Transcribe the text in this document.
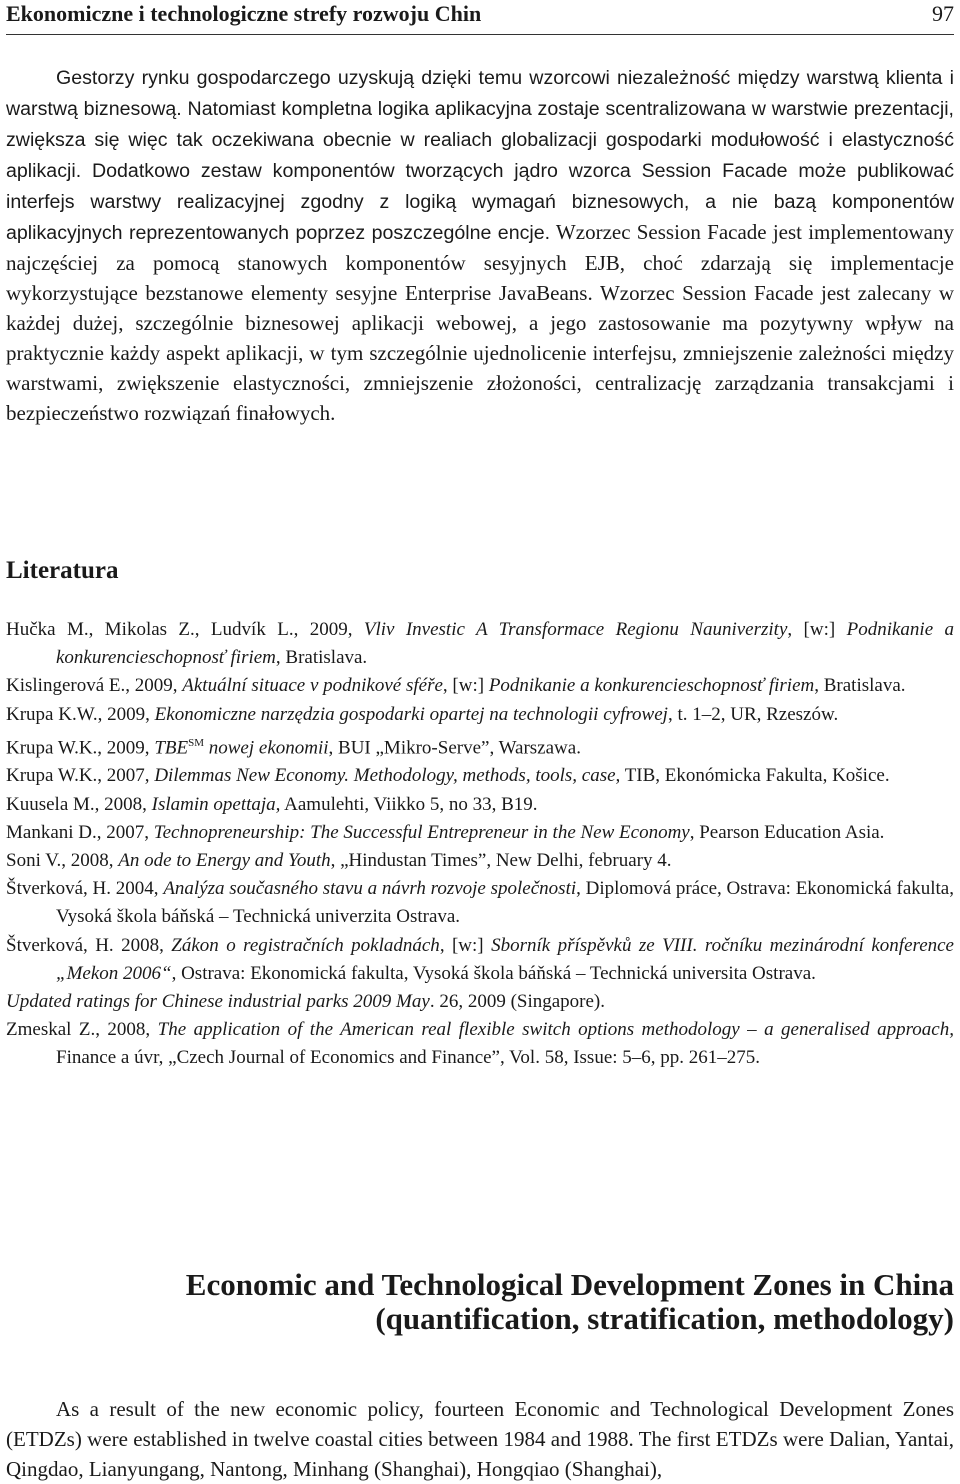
Ekonomiczne i technologiczne strefy rozwoju Chin	97

Gestorzy rynku gospodarczego uzyskują dzięki temu wzorcowi niezależność między warstwą klienta i warstwą biznesową. Natomiast kompletna logika aplikacyjna zostaje scentralizowana w warstwie prezentacji, zwiększa się więc tak oczekiwana obecnie w realiach globalizacji gospodarki modułowość i elastyczność aplikacji. Dodatkowo zestaw komponentów tworzących jądro wzorca Session Facade może publikować interfejs warstwy realizacyjnej zgodny z logiką wymagań biznesowych, a nie bazą komponentów aplikacyjnych reprezentowanych poprzez poszczególne encje. Wzorzec Session Facade jest implementowany najczęściej za pomocą stanowych komponentów sesyjnych EJB, choć zdarzają się implementacje wykorzystujące bezstanowe elementy sesyjne Enterprise JavaBeans. Wzorzec Session Facade jest zalecany w każdej dużej, szczególnie biznesowej aplikacji webowej, a jego zastosowanie ma pozytywny wpływ na praktycznie każdy aspekt aplikacji, w tym szczególnie ujednolicenie interfejsu, zmniejszenie zależności między warstwami, zwiększenie elastyczności, zmniejszenie złożoności, centralizację zarządzania transakcjami i bezpieczeństwo rozwiązań finałowych.

Literatura
Hučka M., Mikolas Z., Ludvík L., 2009, Vliv Investic A Transformace Regionu Nauniverzity, [w:] Podnikanie a konkurencieschopnosť firiem, Bratislava.
Kislingerová E., 2009, Aktuální situace v podnikové sféře, [w:] Podnikanie a konkurencieschopnosť firiem, Bratislava.
Krupa K.W., 2009, Ekonomiczne narzędzia gospodarki opartej na technologii cyfrowej, t. 1–2, UR, Rzeszów.
Krupa W.K., 2009, TBE℠ nowej ekonomii, BUI „Mikro-Serve”, Warszawa.
Krupa W.K., 2007, Dilemmas New Economy. Methodology, methods, tools, case, TIB, Ekonómicka Fakulta, Košice.
Kuusela M., 2008, Islamin opettaja, Aamulehti, Viikko 5, no 33, B19.
Mankani D., 2007, Technopreneurship: The Successful Entrepreneur in the New Economy, Pearson Education Asia.
Soni V., 2008, An ode to Energy and Youth, „Hindustan Times”, New Delhi, february 4.
Štverková, H. 2004, Analýza současného stavu a návrh rozvoje společnosti, Diplomová práce, Ostrava: Ekonomická fakulta, Vysoká škola báňská – Technická univerzita Ostrava.
Štverková, H. 2008, Zákon o registračních pokladnách, [w:] Sborník příspěvků ze VIII. ročníku mezinárodní konference „Mekon 2006“, Ostrava: Ekonomická fakulta, Vysoká škola báňská – Technická universita Ostrava.
Updated ratings for Chinese industrial parks 2009 May. 26, 2009 (Singapore).
Zmeskal Z., 2008, The application of the American real flexible switch options methodology – a generalised approach, Finance a úvr, „Czech Journal of Economics and Finance”, Vol. 58, Issue: 5–6, pp. 261–275.
Economic and Technological Development Zones in China
(quantification, stratification, methodology)

As a result of the new economic policy, fourteen Economic and Technological Development Zones (ETDZs) were established in twelve coastal cities between 1984 and 1988. The first ETDZs were Dalian, Yantai, Qingdao, Lianyungang, Nantong, Minhang (Shanghai), Hongqiao (Shanghai),
